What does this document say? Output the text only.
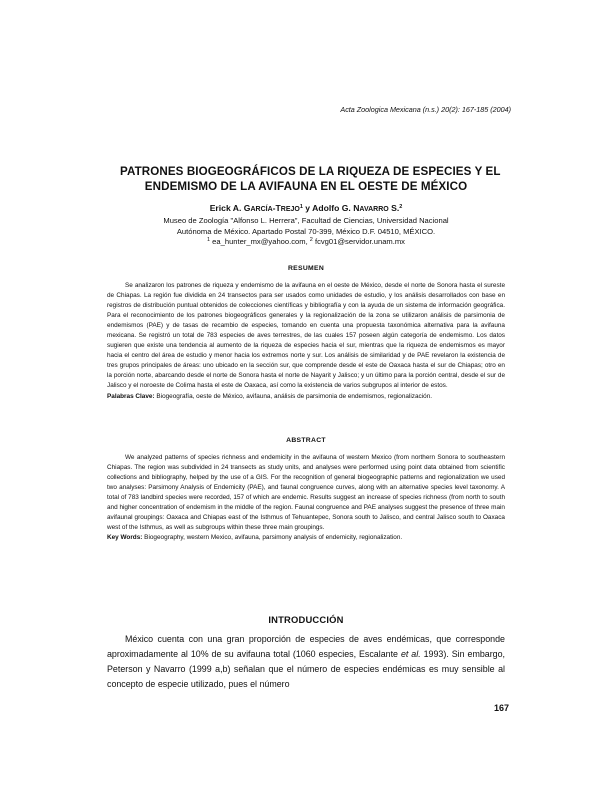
Acta Zoologica Mexicana (n.s.) 20(2): 167-185 (2004)
PATRONES BIOGEOGRÁFICOS DE LA RIQUEZA DE ESPECIES Y EL
ENDEMISMO DE LA AVIFAUNA EN EL OESTE DE MÉXICO
Erick A. GARCÍA-TREJO$^1$ y Adolfo G. NAVARRO S.$^2$
Museo de Zoología "Alfonso L. Herrera", Facultad de Ciencias, Universidad Nacional
Autónoma de México. Apartado Postal 70-399, México D.F. 04510, MÉXICO.
$^1$ ea_hunter_mx@yahoo.com, $^2$ fcvg01@servidor.unam.mx
RESUMEN

Se analizaron los patrones de riqueza y endemismo de la avifauna en el oeste de México, desde el norte de Sonora hasta el sureste de Chiapas. La región fue dividida en 24 transectos para ser usados como unidades de estudio, y los análisis desarrollados con base en registros de distribución puntual obtenidos de colecciones científicas y bibliografía y con la ayuda de un sistema de información geográfica. Para el reconocimiento de los patrones biogeográficos generales y la regionalización de la zona se utilizaron análisis de parsimonia de endemismos (PAE) y de tasas de recambio de especies, tomando en cuenta una propuesta taxonómica alternativa para la avifauna mexicana. Se registró un total de 783 especies de aves terrestres, de las cuales 157 poseen algún categoría de endemismo. Los datos sugieren que existe una tendencia al aumento de la riqueza de especies hacia el sur, mientras que la riqueza de endemismos es mayor hacia el centro del área de estudio y menor hacia los extremos norte y sur. Los análisis de similaridad y de PAE revelaron la existencia de tres grupos principales de áreas: uno ubicado en la sección sur, que comprende desde el este de Oaxaca hasta el sur de Chiapas; otro en la porción norte, abarcando desde el norte de Sonora hasta el norte de Nayarit y Jalisco; y un último para la porción central, desde el sur de Jalisco y el noroeste de Colima hasta el este de Oaxaca, así como la existencia de varios subgrupos al interior de estos.

Palabras Clave: Biogeografía, oeste de México, avifauna, análisis de parsimonia de endemismos, regionalización.

ABSTRACT

We analyzed patterns of species richness and endemicity in the avifauna of western Mexico (from northern Sonora to southeastern Chiapas. The region was subdivided in 24 transects as study units, and analyses were performed using point data obtained from scientific collections and bibliography, helped by the use of a GIS. For the recognition of general biogeographic patterns and regionalization we used two analyses: Parsimony Analysis of Endemicity (PAE), and faunal congruence curves, along with an alternative species level taxonomy. A total of 783 landbird species were recorded, 157 of which are endemic. Results suggest an increase of species richness (from north to south and higher concentration of endemism in the middle of the region. Faunal congruence and PAE analyses suggest the presence of three main avifaunal groupings: Oaxaca and Chiapas east of the Isthmus of Tehuantepec, Sonora south to Jalisco, and central Jalisco south to Oaxaca west of the Isthmus, as well as subgroups within these three main groupings.

Key Words: Biogeography, western Mexico, avifauna, parsimony analysis of endemicity, regionalization.

INTRODUCCIÓN

México cuenta con una gran proporción de especies de aves endémicas, que corresponde aproximadamente al 10% de su avifauna total (1060 especies, Escalante et al. 1993). Sin embargo, Peterson y Navarro (1999 a,b) señalan que el número de especies endémicas es muy sensible al concepto de especie utilizado, pues el número

167
